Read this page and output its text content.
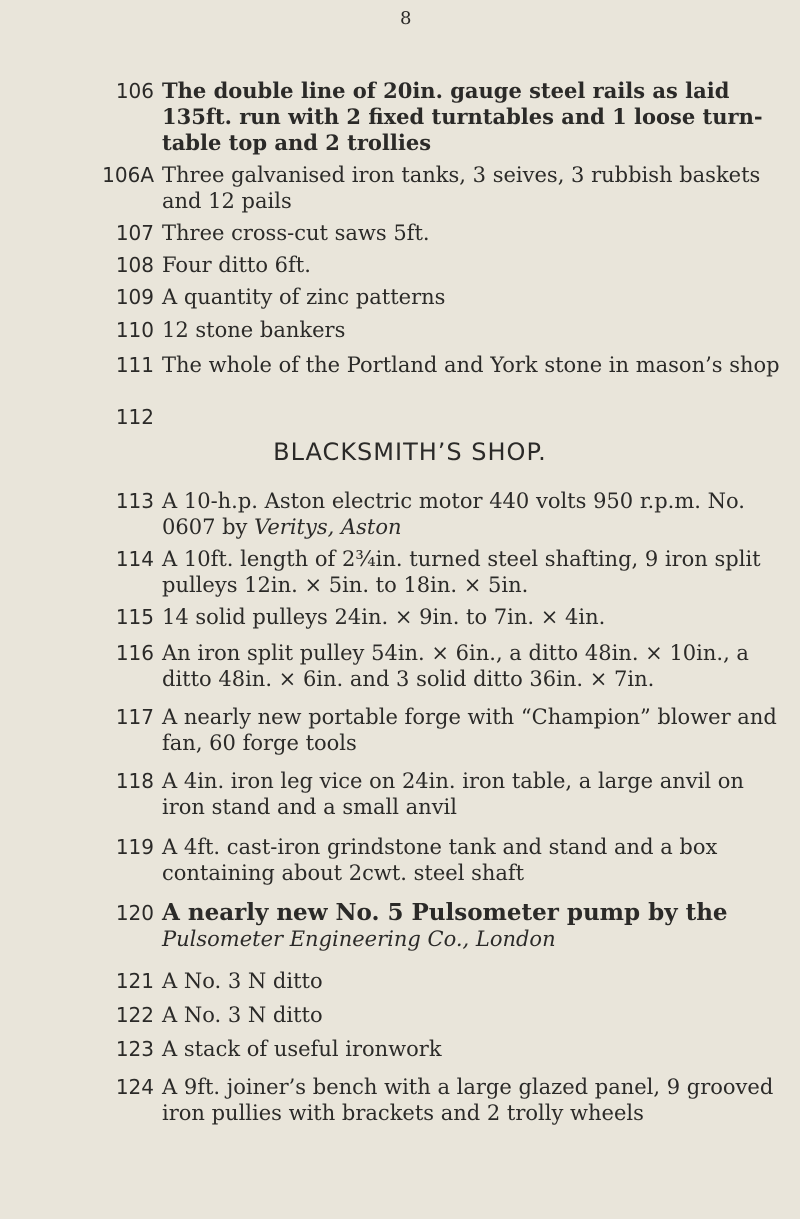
8
106 The double line of 20in. gauge steel rails as laid 135ft. run with 2 fixed turntables and 1 loose turn-table top and 2 trollies
106A Three galvanised iron tanks, 3 seives, 3 rubbish baskets and 12 pails
107 Three cross-cut saws 5ft.
108 Four ditto 6ft.
109 A quantity of zinc patterns
110 12 stone bankers
111 The whole of the Portland and York stone in mason’s shop
112
BLACKSMITH’S SHOP.
113 A 10-h.p. Aston electric motor 440 volts 950 r.p.m. No. 0607 by Veritys, Aston
114 A 10ft. length of 2¾in. turned steel shafting, 9 iron split pulleys 12in. × 5in. to 18in. × 5in.
115 14 solid pulleys 24in. × 9in. to 7in. × 4in.
116 An iron split pulley 54in. × 6in., a ditto 48in. × 10in., a ditto 48in. × 6in. and 3 solid ditto 36in. × 7in.
117 A nearly new portable forge with “Champion” blower and fan, 60 forge tools
118 A 4in. iron leg vice on 24in. iron table, a large anvil on iron stand and a small anvil
119 A 4ft. cast-iron grindstone tank and stand and a box containing about 2cwt. steel shaft
120 A nearly new No. 5 Pulsometer pump by the Pulsometer Engineering Co., London
121 A No. 3 N ditto
122 A No. 3 N ditto
123 A stack of useful ironwork
124 A 9ft. joiner’s bench with a large glazed panel, 9 grooved iron pullies with brackets and 2 trolly wheels
